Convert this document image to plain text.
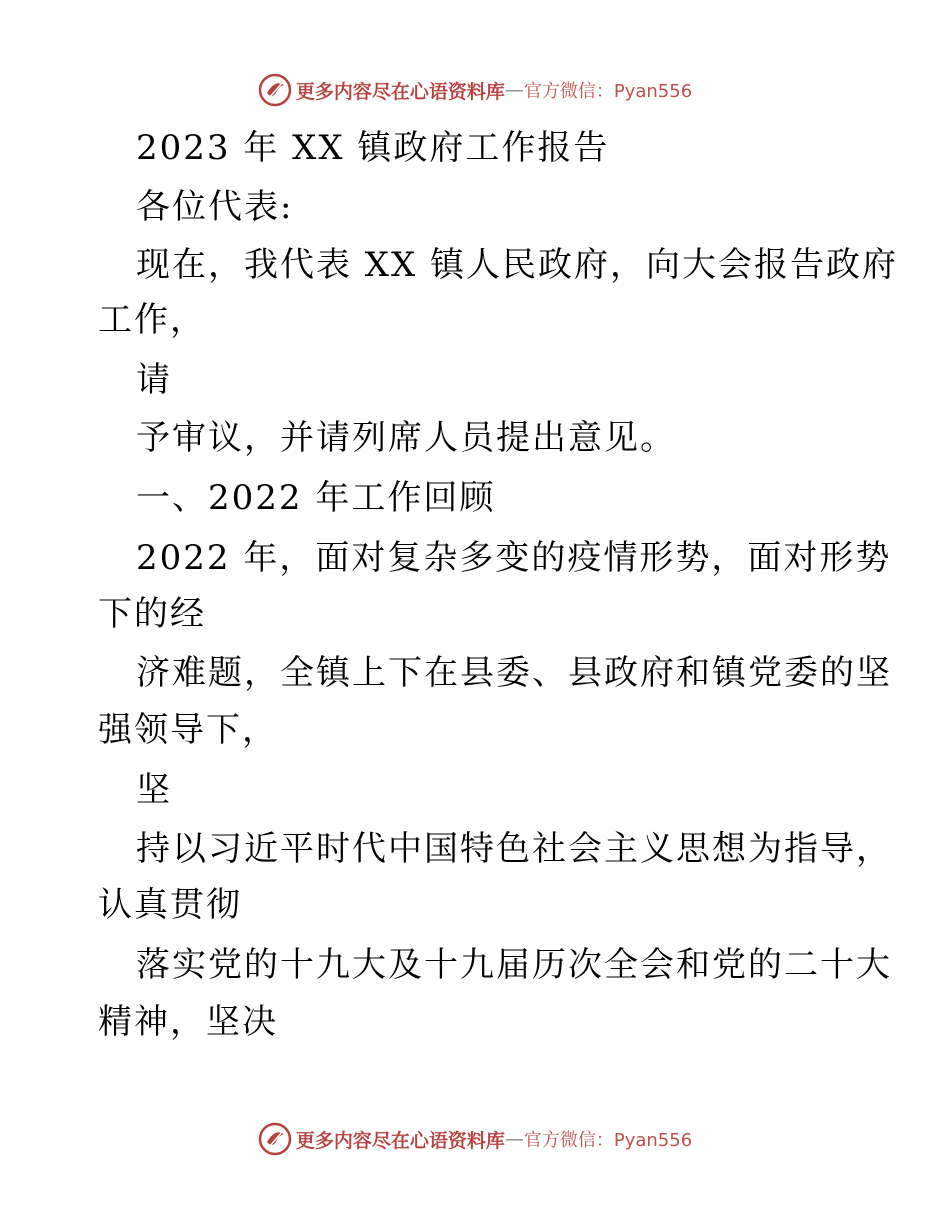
更多内容尽在心语资料库 — 官方微信：Pyan556
2023 年 XX 镇政府工作报告
各位代表:
现在，我代表 XX 镇人民政府，向大会报告政府
工作，
请
予审议，并请列席人员提出意见。
一、2022 年工作回顾
2022 年，面对复杂多变的疫情形势，面对形势
下的经
济难题，全镇上下在县委、县政府和镇党委的坚
强领导下，
坚
持以习近平时代中国特色社会主义思想为指导，
认真贯彻
落实党的十九大及十九届历次全会和党的二十大
精神，坚决
更多内容尽在心语资料库 — 官方微信：Pyan556
